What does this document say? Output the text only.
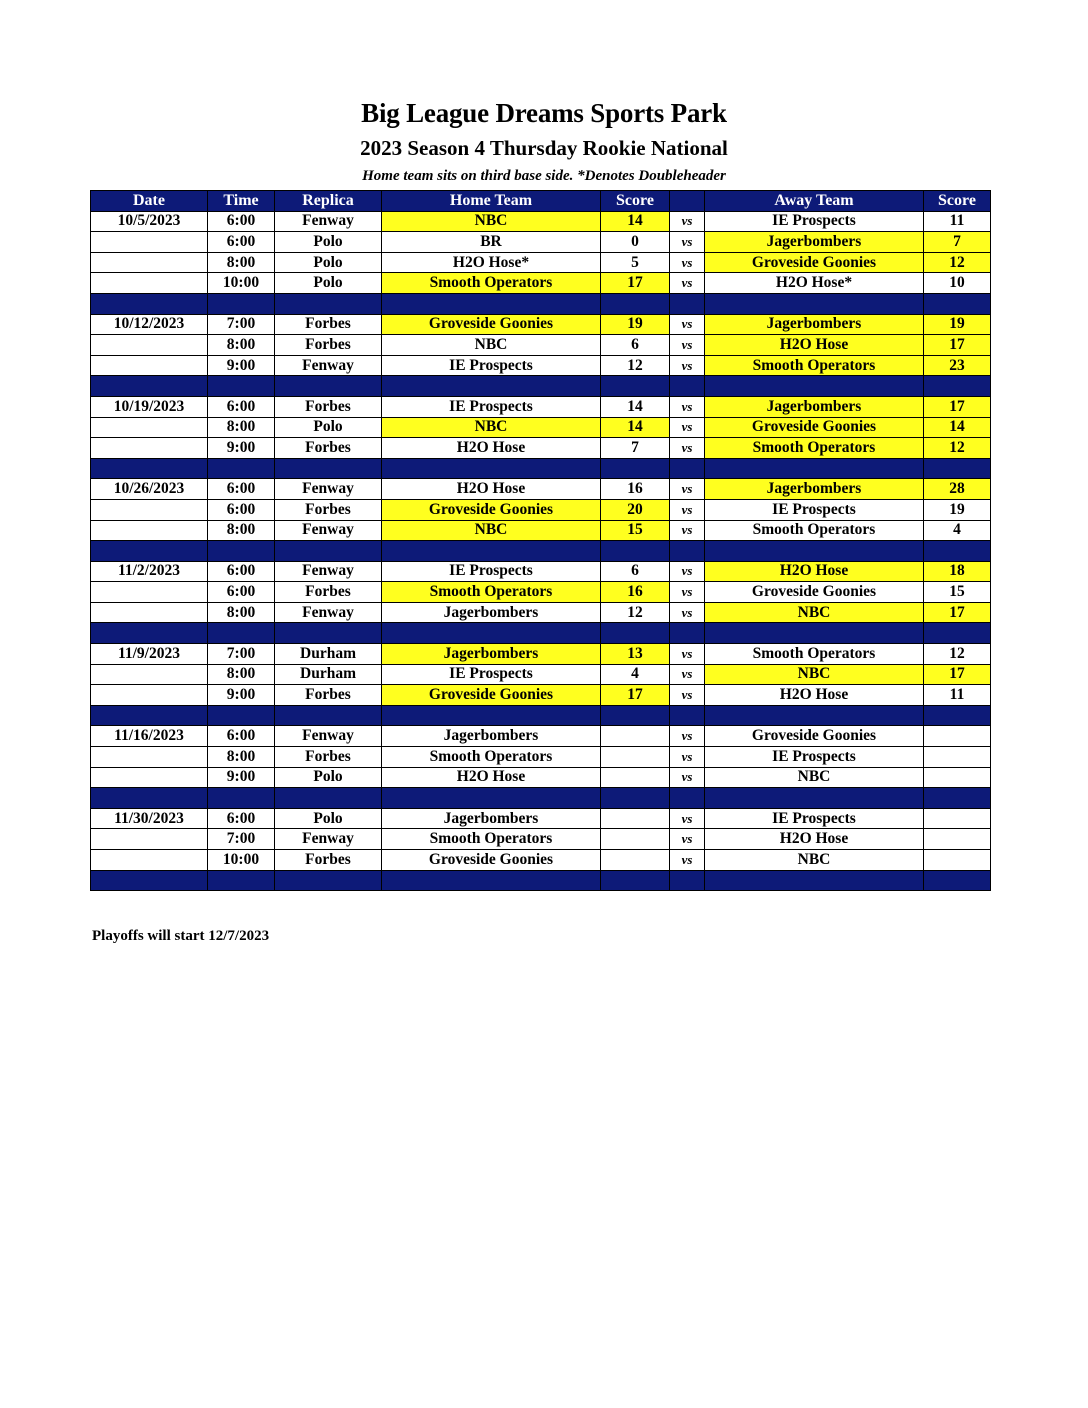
Big League Dreams Sports Park
2023 Season 4 Thursday Rookie National
Home team sits on third base side. *Denotes Doubleheader
Date	Time	Replica	Home Team	Score		Away Team	Score
10/5/2023	6:00	Fenway	NBC	14	vs	IE Prospects	11
	6:00	Polo	BR	0	vs	Jagerbombers	7
	8:00	Polo	H2O Hose*	5	vs	Groveside Goonies	12
	10:00	Polo	Smooth Operators	17	vs	H2O Hose*	10

10/12/2023	7:00	Forbes	Groveside Goonies	19	vs	Jagerbombers	19
	8:00	Forbes	NBC	6	vs	H2O Hose	17
	9:00	Fenway	IE Prospects	12	vs	Smooth Operators	23

10/19/2023	6:00	Forbes	IE Prospects	14	vs	Jagerbombers	17
	8:00	Polo	NBC	14	vs	Groveside Goonies	14
	9:00	Forbes	H2O Hose	7	vs	Smooth Operators	12

10/26/2023	6:00	Fenway	H2O Hose	16	vs	Jagerbombers	28
	6:00	Forbes	Groveside Goonies	20	vs	IE Prospects	19
	8:00	Fenway	NBC	15	vs	Smooth Operators	4

11/2/2023	6:00	Fenway	IE Prospects	6	vs	H2O Hose	18
	6:00	Forbes	Smooth Operators	16	vs	Groveside Goonies	15
	8:00	Fenway	Jagerbombers	12	vs	NBC	17

11/9/2023	7:00	Durham	Jagerbombers	13	vs	Smooth Operators	12
	8:00	Durham	IE Prospects	4	vs	NBC	17
	9:00	Forbes	Groveside Goonies	17	vs	H2O Hose	11

11/16/2023	6:00	Fenway	Jagerbombers		vs	Groveside Goonies	
	8:00	Forbes	Smooth Operators		vs	IE Prospects	
	9:00	Polo	H2O Hose		vs	NBC	

11/30/2023	6:00	Polo	Jagerbombers		vs	IE Prospects	
	7:00	Fenway	Smooth Operators		vs	H2O Hose	
	10:00	Forbes	Groveside Goonies		vs	NBC	

Playoffs will start 12/7/2023
